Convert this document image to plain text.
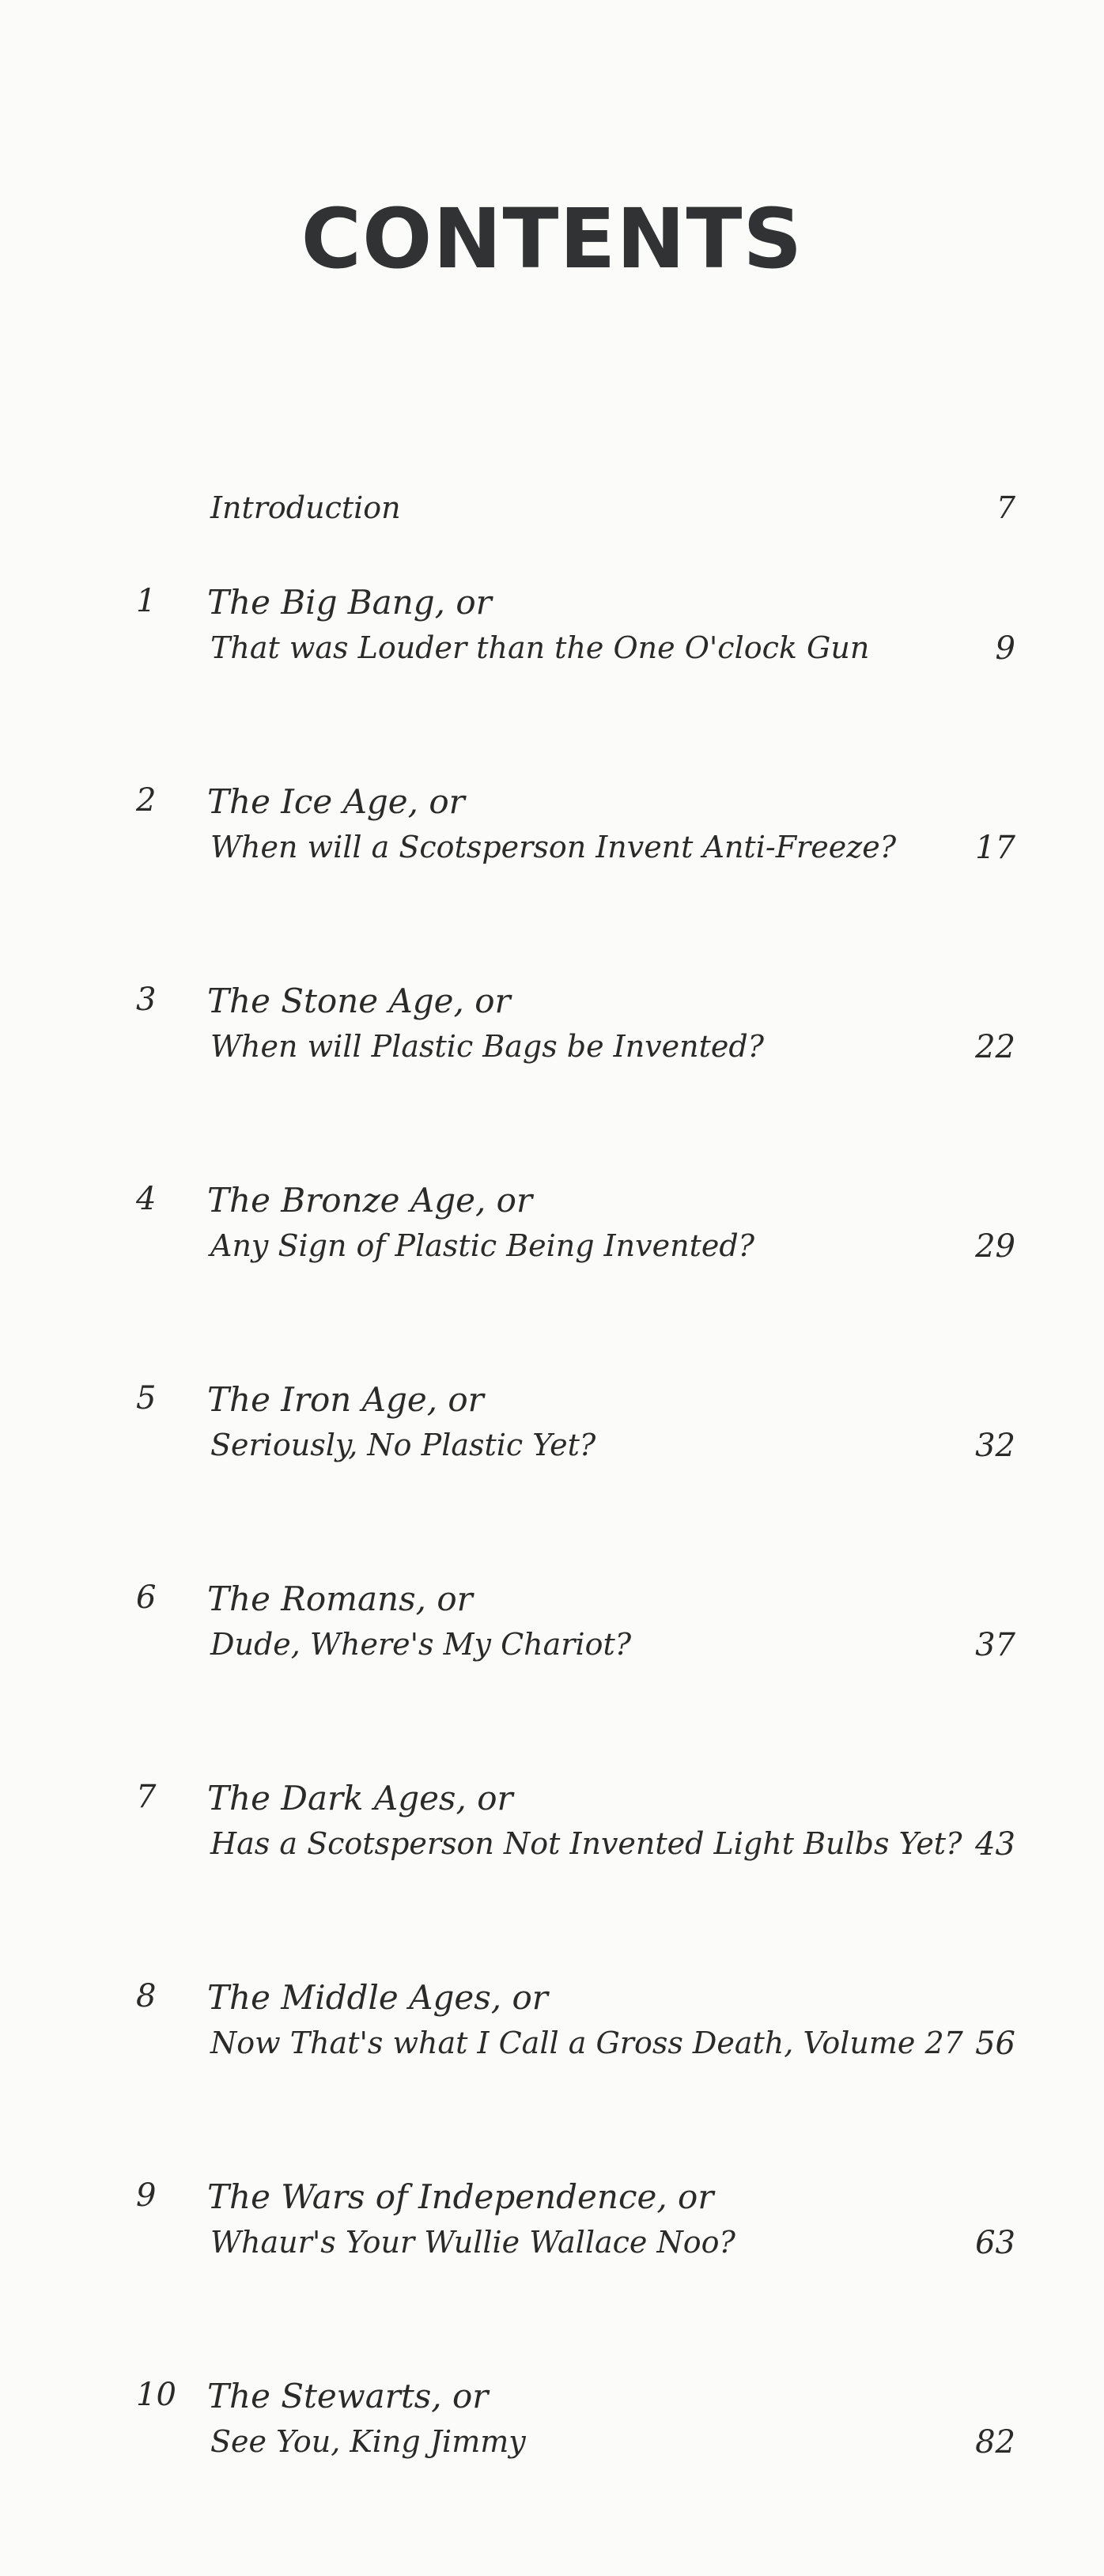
CONTENTS
Introduction	7
1	The Big Bang, or
That was Louder than the One O'clock Gun	9
2	The Ice Age, or
When will a Scotsperson Invent Anti-Freeze?	17
3	The Stone Age, or
When will Plastic Bags be Invented?	22
4	The Bronze Age, or
Any Sign of Plastic Being Invented?	29
5	The Iron Age, or
Seriously, No Plastic Yet?	32
6	The Romans, or
Dude, Where's My Chariot?	37
7	The Dark Ages, or
Has a Scotsperson Not Invented Light Bulbs Yet? 43
8	The Middle Ages, or
Now That's what I Call a Gross Death, Volume 27 56
9	The Wars of Independence, or
Whaur's Your Wullie Wallace Noo?	63
10 The Stewarts, or
See You, King Jimmy	82
